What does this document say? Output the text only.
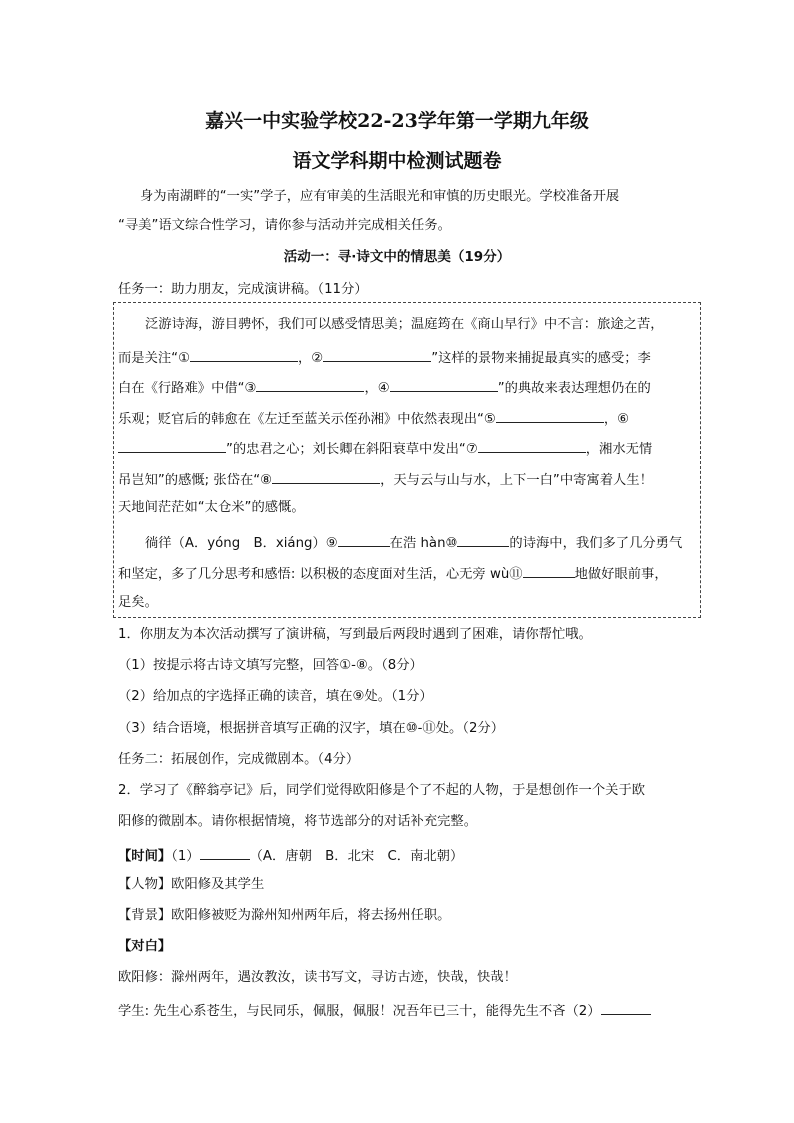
嘉兴一中实验学校22-23学年第一学期九年级
语文学科期中检测试题卷
身为南湖畔的“一实”学子，应有审美的生活眼光和审慎的历史眼光。学校准备开展
“寻美”语文综合性学习，请你参与活动并完成相关任务。
活动一：寻·诗文中的情思美（19分）
任务一：助力朋友，完成演讲稿。（11分）
泛游诗海，游目骋怀，我们可以感受情思美；温庭筠在《商山早行》中不言：旅途之苦，
而是关注“①	，②	”这样的景物来捕捉最真实的感受；李
白在《行路难》中借“③	，④	”的典故来表达理想仍在的
乐观；贬官后的韩愈在《左迁至蓝关示侄孙湘》中依然表现出“⑤	，⑥
”的忠君之心；刘长卿在斜阳衰草中发出“⑦	，湘水无情
吊岂知”的感慨; 张岱在“⑧	，天与云与山与水，上下一白”中寄寓着人生！
天地间茫茫如“太仓米”的感慨。
徜徉（A．yóng　B．xiáng）⑨	在浩 hàn⑩	的诗海中，我们多了几分勇气
和坚定，多了几分思考和感悟: 以积极的态度面对生活，心无旁 wù⑪	地做好眼前事，
足矣。
1．你朋友为本次活动撰写了演讲稿，写到最后两段时遇到了困难，请你帮忙哦。
（1）按提示将古诗文填写完整，回答①-⑧。（8分）
（2）给加点的字选择正确的读音，填在⑨处。（1分）
（3）结合语境，根据拼音填写正确的汉字，填在⑩-⑪处。（2分）
任务二：拓展创作，完成微剧本。（4分）
2．学习了《醉翁亭记》后，同学们觉得欧阳修是个了不起的人物，于是想创作一个关于欧
阳修的微剧本。请你根据情境，将节选部分的对话补充完整。
【时间】（1）	（A．唐朝　B．北宋　C．南北朝）
【人物】欧阳修及其学生
【背景】欧阳修被贬为滁州知州两年后，将去扬州任职。
【对白】
欧阳修：滁州两年，遇汝教汝，读书写文，寻访古迹，快哉，快哉！
学生: 先生心系苍生，与民同乐，佩服，佩服！况吾年已三十，能得先生不吝（2）
